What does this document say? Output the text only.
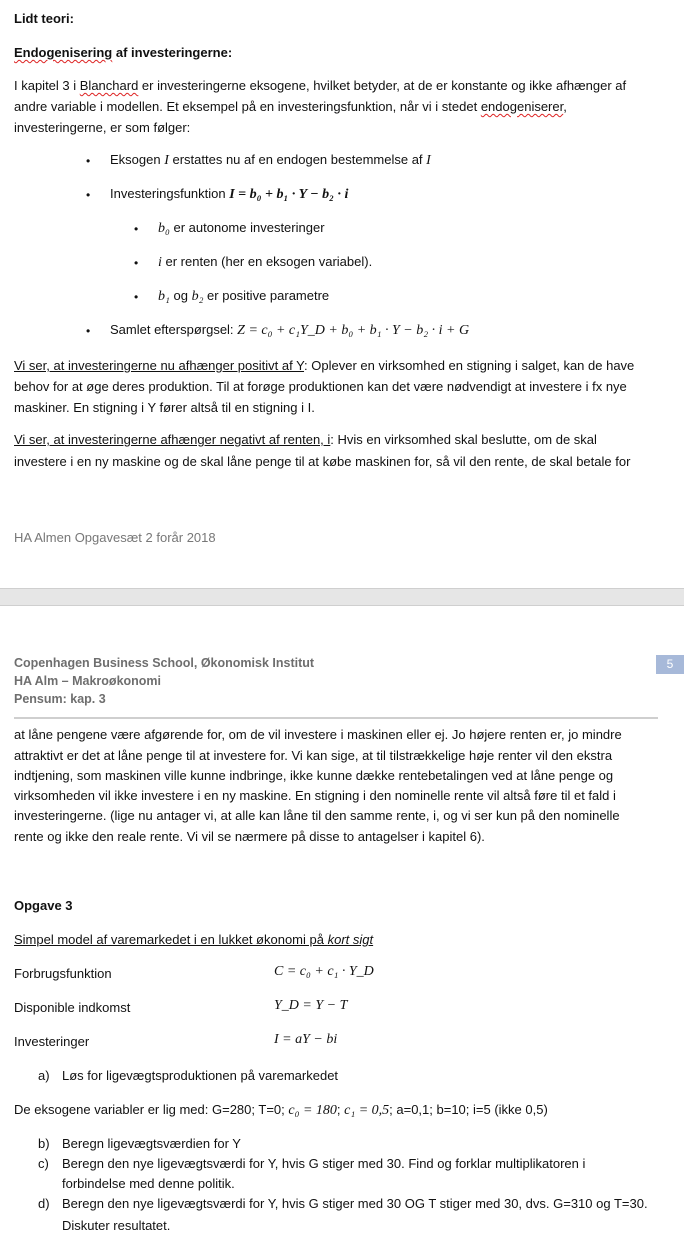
Lidt teori:
Endogenisering af investeringerne:
I kapitel 3 i Blanchard er investeringerne eksogene, hvilket betyder, at de er konstante og ikke afhænger af
andre variable i modellen. Et eksempel på en investeringsfunktion, når vi i stedet endogeniserer,
investeringerne, er som følger:
• Eksogen I erstattes nu af en endogen bestemmelse af I
• Investeringsfunktion I = b₀ + b₁ · Y − b₂ · i
• b₀ er autonome investeringer
• i er renten (her en eksogen variabel).
• b₁ og b₂ er positive parametre
• Samlet efterspørgsel: Z = c₀ + c₁Y_D + b₀ + b₁ · Y − b₂ · i + G
Vi ser, at investeringerne nu afhænger positivt af Y: Oplever en virksomhed en stigning i salget, kan de have
behov for at øge deres produktion. Til at forøge produktionen kan det være nødvendigt at investere i fx nye
maskiner. En stigning i Y fører altså til en stigning i I.
Vi ser, at investeringerne afhænger negativt af renten, i: Hvis en virksomhed skal beslutte, om de skal
investere i en ny maskine og de skal låne penge til at købe maskinen for, så vil den rente, de skal betale for
HA Almen Opgavesæt 2 forår 2018
Copenhagen Business School, Økonomisk Institut
HA Alm – Makroøkonomi
Pensum: kap. 3
5
at låne pengene være afgørende for, om de vil investere i maskinen eller ej. Jo højere renten er, jo mindre
attraktivt er det at låne penge til at investere for. Vi kan sige, at til tilstrækkelige høje renter vil den ekstra
indtjening, som maskinen ville kunne indbringe, ikke kunne dække rentebetalingen ved at låne penge og
virksomheden vil ikke investere i en ny maskine. En stigning i den nominelle rente vil altså føre til et fald i
investeringerne. (lige nu antager vi, at alle kan låne til den samme rente, i, og vi ser kun på den nominelle
rente og ikke den reale rente. Vi vil se nærmere på disse to antagelser i kapitel 6).
Opgave 3
Simpel model af varemarkedet i en lukket økonomi på kort sigt
Forbrugsfunktion	C = c₀ + c₁ · Y_D
Disponible indkomst	Y_D = Y − T
Investeringer	I = aY − bi
a) Løs for ligevægtsproduktionen på varemarkedet
De eksogene variabler er lig med: G=280; T=0; c₀ = 180; c₁ = 0,5; a=0,1; b=10; i=5 (ikke 0,5)
b) Beregn ligevægtsværdien for Y
c) Beregn den nye ligevægtsværdi for Y, hvis G stiger med 30. Find og forklar multiplikatoren i
forbindelse med denne politik.
d) Beregn den nye ligevægtsværdi for Y, hvis G stiger med 30 OG T stiger med 30, dvs. G=310 og T=30.
Diskuter resultatet.
